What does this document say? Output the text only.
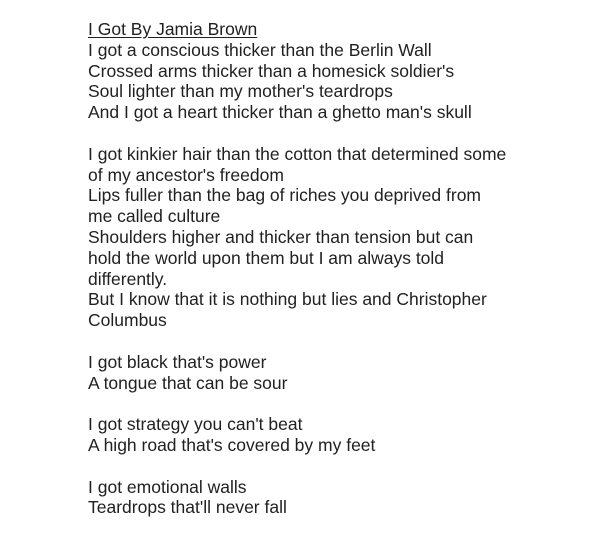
I Got By Jamia Brown
I got a conscious thicker than the Berlin Wall
Crossed arms thicker than a homesick soldier's
Soul lighter than my mother's teardrops
And I got a heart thicker than a ghetto man's skull
I got kinkier hair than the cotton that determined some
of my ancestor's freedom
Lips fuller than the bag of riches you deprived from
me called culture
Shoulders higher and thicker than tension but can
hold the world upon them but I am always told
differently.
But I know that it is nothing but lies and Christopher
Columbus
I got black that's power
A tongue that can be sour
I got strategy you can't beat
A high road that's covered by my feet
I got emotional walls
Teardrops that'll never fall
